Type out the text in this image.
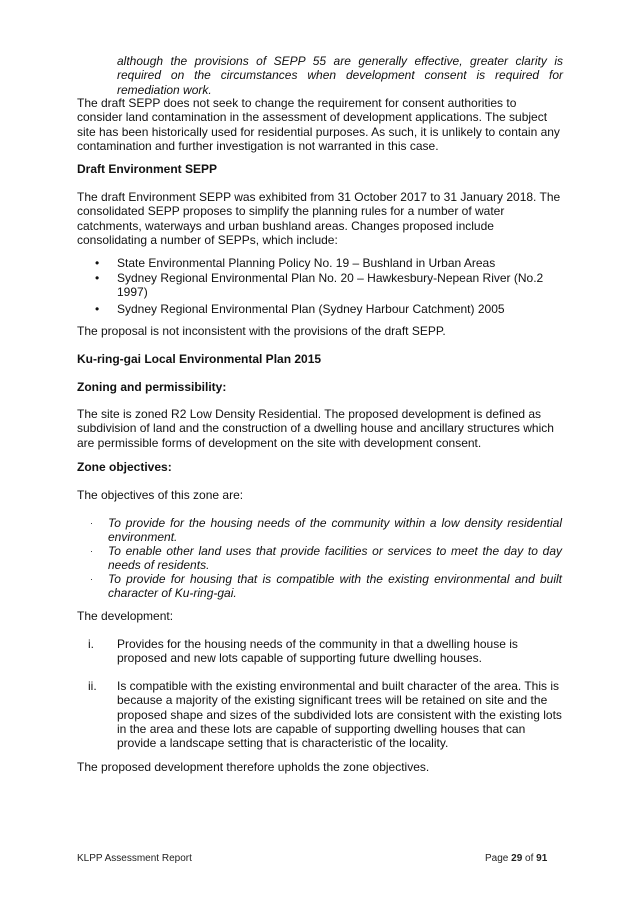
although the provisions of SEPP 55 are generally effective, greater clarity is required on the circumstances when development consent is required for remediation work.

The draft SEPP does not seek to change the requirement for consent authorities to consider land contamination in the assessment of development applications. The subject site has been historically used for residential purposes. As such, it is unlikely to contain any contamination and further investigation is not warranted in this case.

Draft Environment SEPP

The draft Environment SEPP was exhibited from 31 October 2017 to 31 January 2018. The consolidated SEPP proposes to simplify the planning rules for a number of water catchments, waterways and urban bushland areas. Changes proposed include consolidating a number of SEPPs, which include:

• State Environmental Planning Policy No. 19 – Bushland in Urban Areas
• Sydney Regional Environmental Plan No. 20 – Hawkesbury-Nepean River (No.2 1997)
• Sydney Regional Environmental Plan (Sydney Harbour Catchment) 2005

The proposal is not inconsistent with the provisions of the draft SEPP.

Ku-ring-gai Local Environmental Plan 2015

Zoning and permissibility:

The site is zoned R2 Low Density Residential. The proposed development is defined as subdivision of land and the construction of a dwelling house and ancillary structures which are permissible forms of development on the site with development consent.

Zone objectives:

The objectives of this zone are:

· To provide for the housing needs of the community within a low density residential environment.
· To enable other land uses that provide facilities or services to meet the day to day needs of residents.
· To provide for housing that is compatible with the existing environmental and built character of Ku-ring-gai.

The development:

i. Provides for the housing needs of the community in that a dwelling house is proposed and new lots capable of supporting future dwelling houses.
ii. Is compatible with the existing environmental and built character of the area. This is because a majority of the existing significant trees will be retained on site and the proposed shape and sizes of the subdivided lots are consistent with the existing lots in the area and these lots are capable of supporting dwelling houses that can provide a landscape setting that is characteristic of the locality.

The proposed development therefore upholds the zone objectives.

KLPP Assessment Report	Page 29 of 91
